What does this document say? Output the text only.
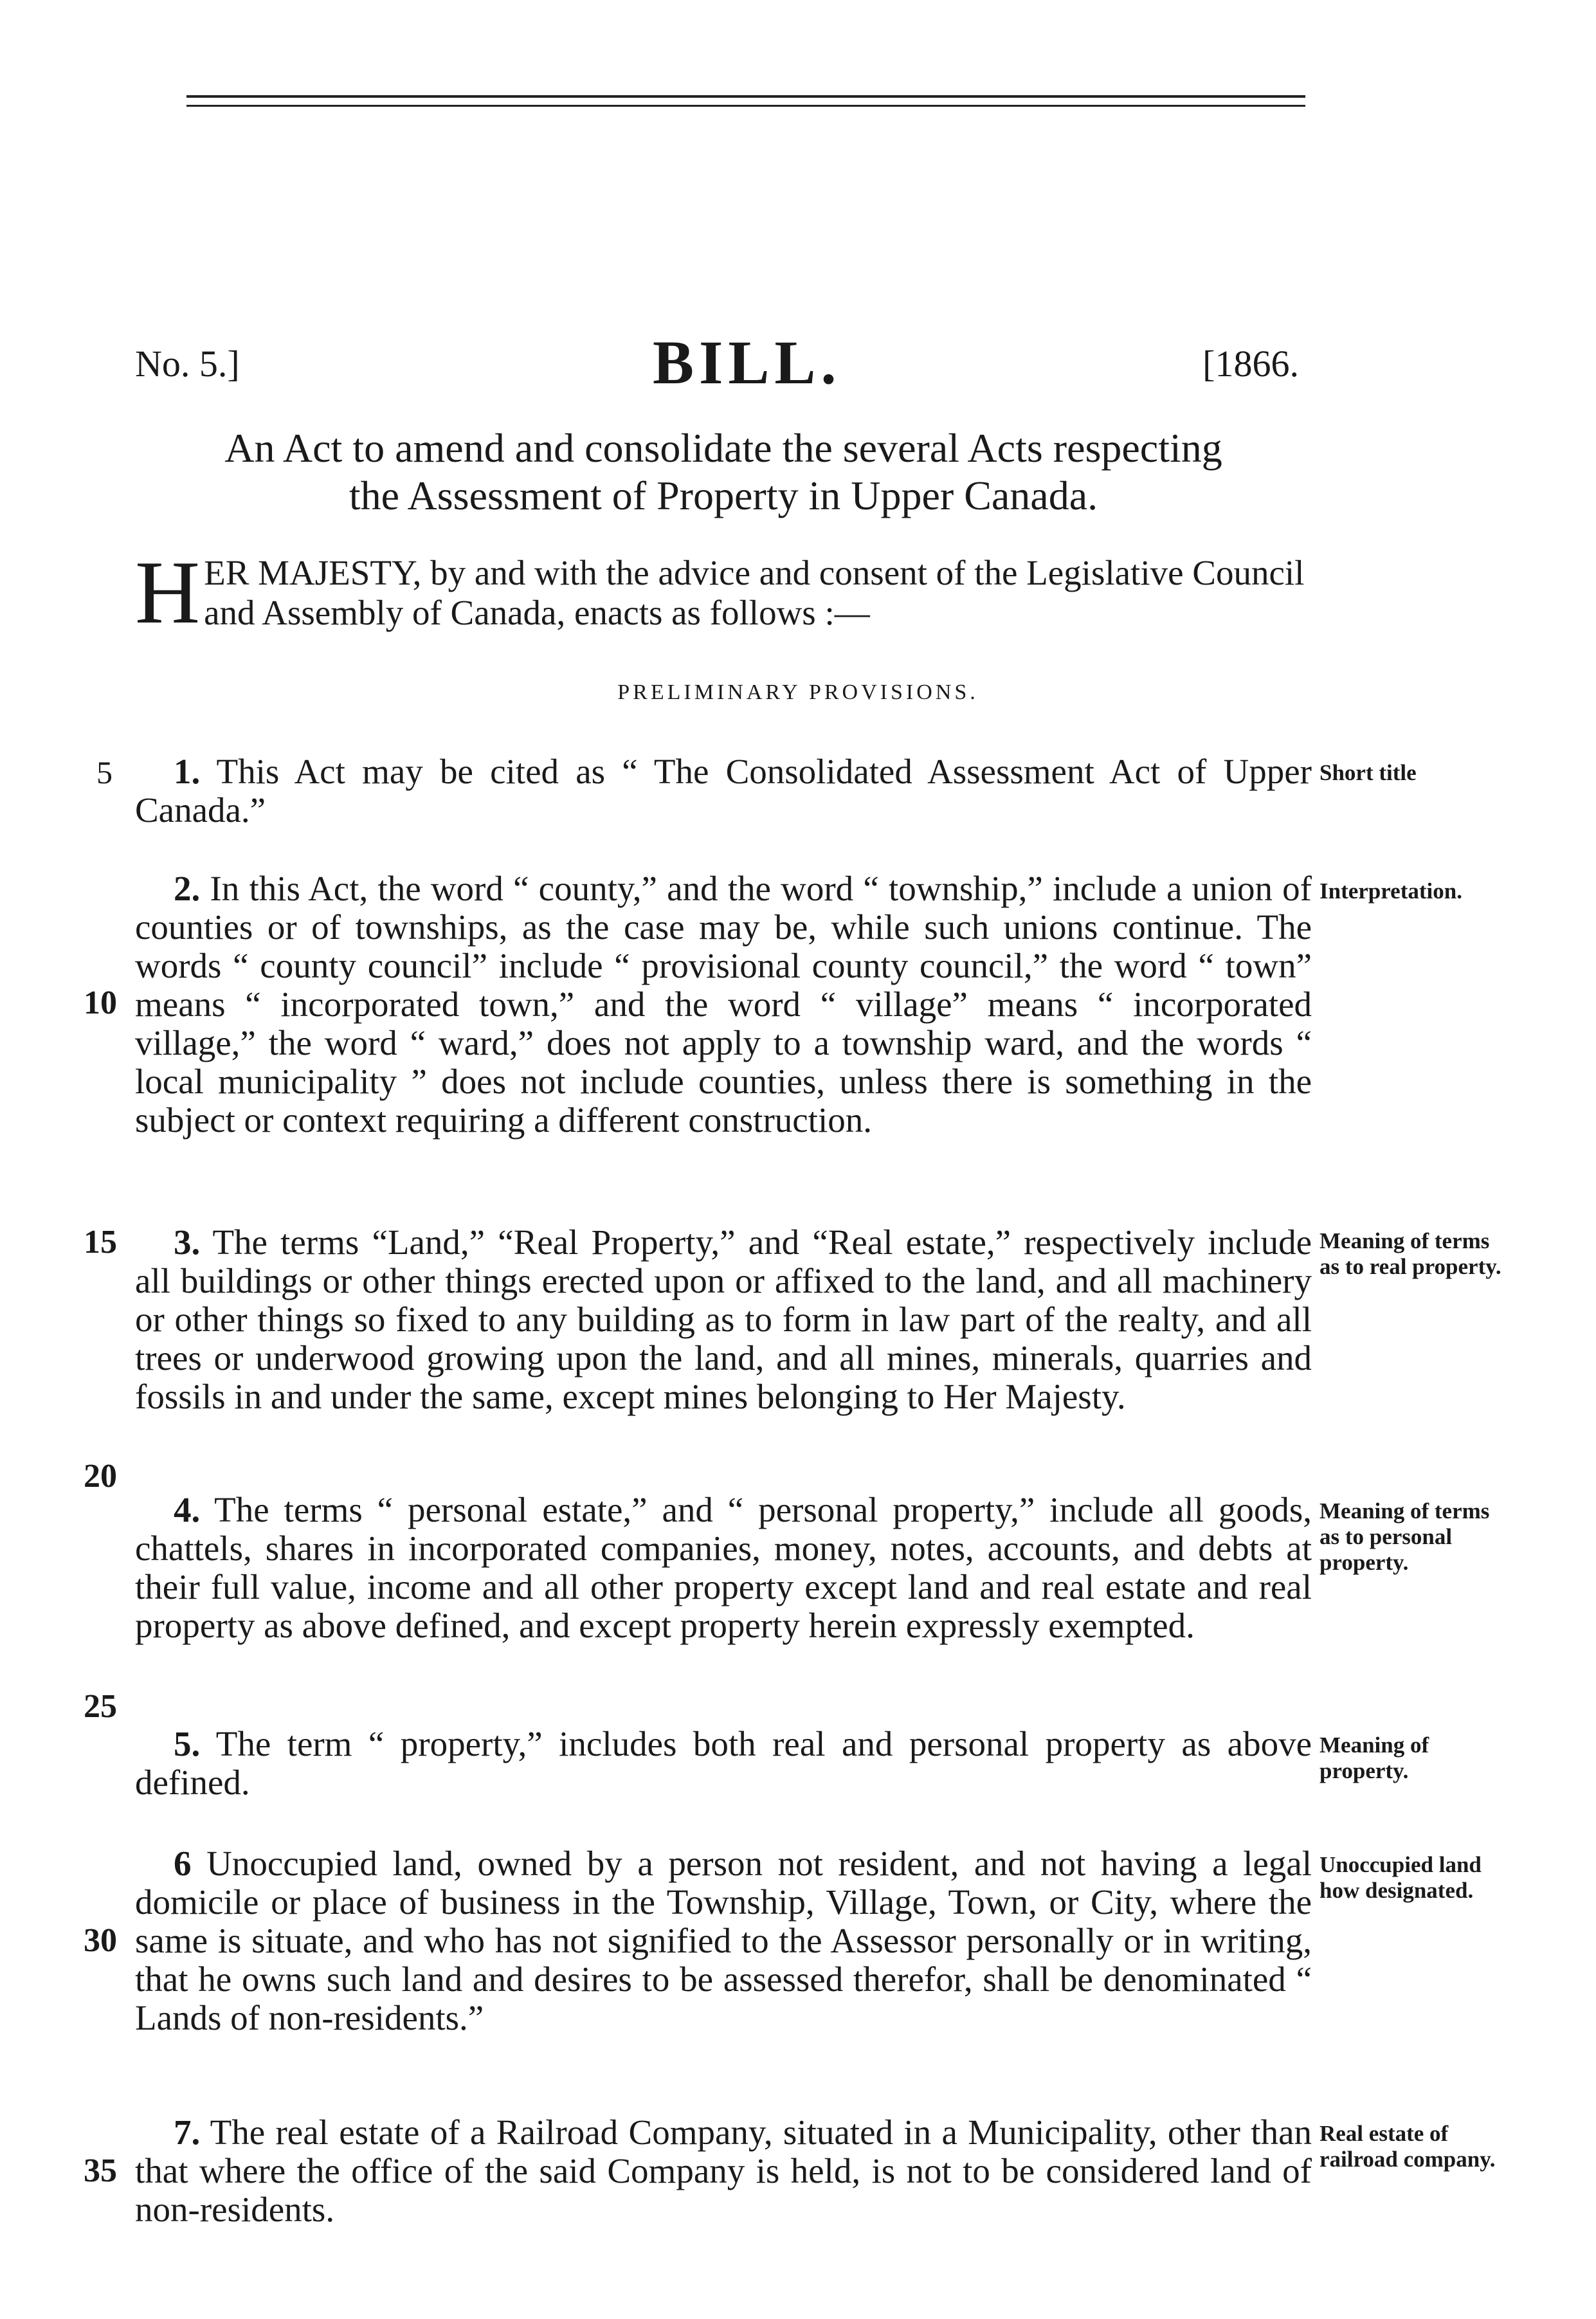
No. 5.]	BILL.	[1866.
An Act to amend and consolidate the several Acts respecting
the Assessment of Property in Upper Canada.
H ER MAJESTY, by and with the advice and consent of the Legislative Council and Assembly of Canada, enacts as follows :—
PRELIMINARY PROVISIONS.
1. This Act may be cited as “ The Consolidated Assessment Act of Upper Canada.”
Short title
2. In this Act, the word “ county,” and the word “ township,” include a union of counties or of townships, as the case may be, while such unions continue. The words “ county council” include “ provisional county council,” the word “ town” means “ incorporated town,” and the word “ village” means “ incorporated village,” the word “ ward,” does not apply to a township ward, and the words “ local municipality ” does not include counties, unless there is something in the subject or context requiring a different construction.
Interpretation.
3. The terms “Land,” “Real Property,” and “Real estate,” respectively include all buildings or other things erected upon or affixed to the land, and all machinery or other things so fixed to any building as to form in law part of the realty, and all trees or underwood growing upon the land, and all mines, minerals, quarries and fossils in and under the same, except mines belonging to Her Majesty.
Meaning of terms as to real property.
4. The terms “ personal estate,” and “ personal property,” include all goods, chattels, shares in incorporated companies, money, notes, accounts, and debts at their full value, income and all other property except land and real estate and real property as above defined, and except property herein expressly exempted.
Meaning of terms as to personal property.
5. The term “ property,” includes both real and personal property as above defined.
Meaning of property.
6 Unoccupied land, owned by a person not resident, and not having a legal domicile or place of business in the Township, Village, Town, or City, where the same is situate, and who has not signified to the Assessor personally or in writing, that he owns such land and desires to be assessed therefor, shall be denominated “ Lands of non-residents.”
Unoccupied land how designated.
7. The real estate of a Railroad Company, situated in a Municipality, other than that where the office of the said Company is held, is not to be considered land of non-residents.
Real estate of railroad company.
5
10
15
20
25
30
35
